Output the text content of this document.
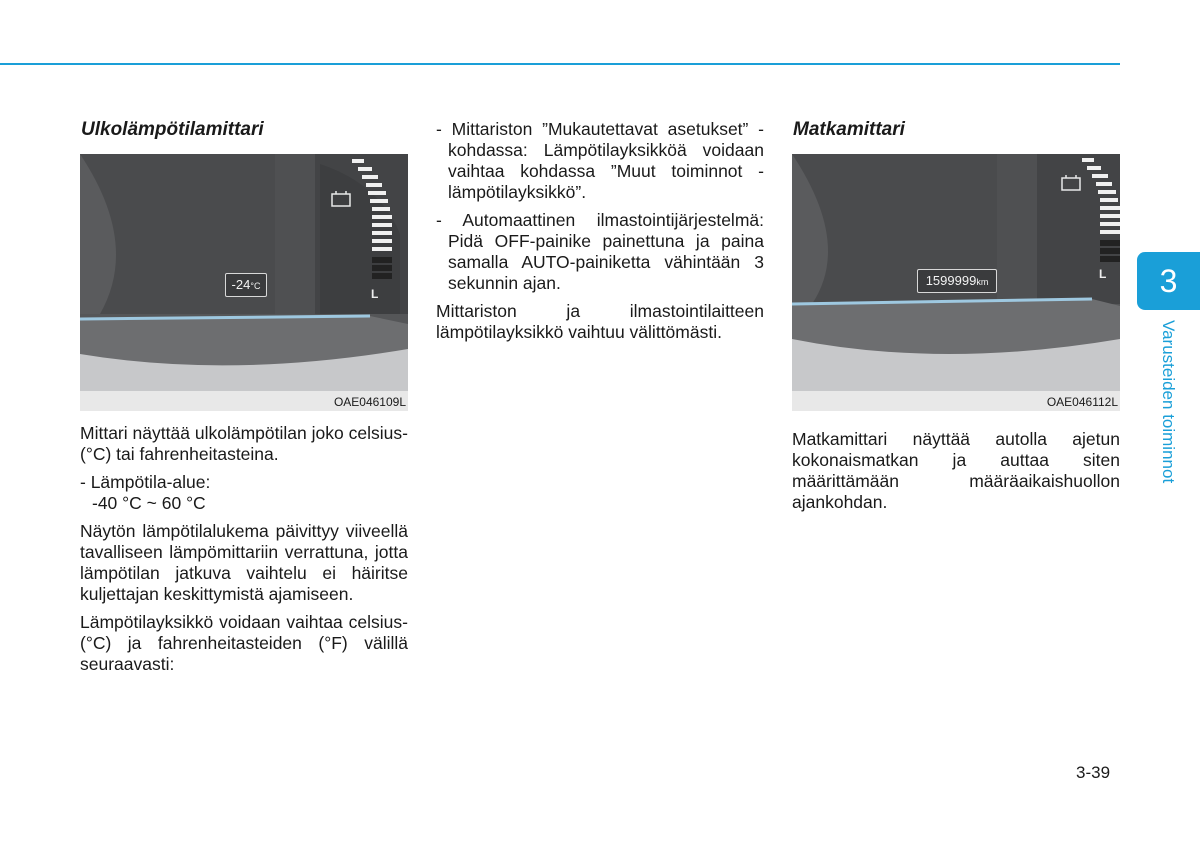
Ulkolämpötilamittari
-24°C
L
OAE046109L

Mittari näyttää ulkolämpötilan joko celsius- (°C) tai fahrenheitasteina.

- Lämpötila-alue:

-40 °C ~ 60 °C

Näytön lämpötilalukema päivittyy viiveellä tavalliseen lämpömittariin verrattuna, jotta lämpötilan jatkuva vaihtelu ei häiritse kuljettajan keskittymistä ajamiseen.

Lämpötilayksikkö voidaan vaihtaa celsius- (°C) ja fahrenheitasteiden (°F) välillä seuraavasti:

- Mittariston ”Mukautettavat asetukset” -kohdassa: Lämpötilayksikköä voidaan vaihtaa kohdassa ”Muut toiminnot - lämpötilayksikkö”.

- Automaattinen ilmastointijärjestelmä: Pidä OFF-painike painettuna ja paina samalla AUTO-painiketta vähintään 3 sekunnin ajan.

Mittariston ja ilmastointilaitteen lämpötilayksikkö vaihtuu välittömästi.

Matkamittari
1599999km
L
OAE046112L

Matkamittari näyttää autolla ajetun kokonaismatkan ja auttaa siten määrittämään määräaikaishuollon ajankohdan.

3
Varusteiden toiminnot
3-39
